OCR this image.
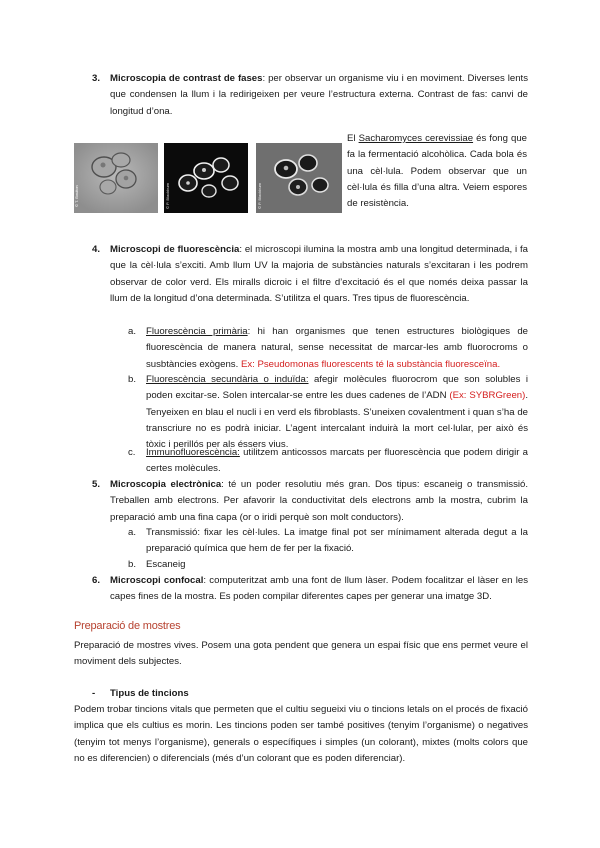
3. Microscopia de contrast de fases: per observar un organisme viu i en moviment. Diverses lents que condensen la llum i la redirigeixen per veure l’estructura externa. Contrast de fas: canvi de longitud d’ona.

© T. Boulton	© P. Blackburn	© P. Blackburn

El Sacharomyces cerevissiae és fong que fa la fermentació alcohòlica. Cada bola és una cèl·lula. Podem observar que un cèl·lula és filla d’una altra. Veiem espores de resistència.

4. Microscopi de fluorescència: el microscopi ilumina la mostra amb una longitud determinada, i fa que la cèl·lula s’exciti. Amb llum UV la majoria de substàncies naturals s’excitaran i les podrem observar de color verd. Els miralls dicroic i el filtre d’excitació és el que només deixa passar la llum de la longitud d’ona determinada. S’utilitza el quars. Tres tipus de fluorescència.

a. Fluorescència primària: hi han organismes que tenen estructures biològiques de fluorescència de manera natural, sense necessitat de marcar-les amb fluorocroms o susbtàncies exògens. Ex: Pseudomonas fluorescents té la substància fluoresceïna.

b. Fluorescència secundària o induïda: afegir molècules fluorocrom que son solubles i poden excitar-se. Solen intercalar-se entre les dues cadenes de l’ADN (Ex: SYBRGreen). Tenyeixen en blau el nucli i en verd els fibroblasts. S’uneixen covalentment i quan s’ha de transcriure no es podrà iniciar. L’agent intercalant induirà la mort cel·lular, per això és tòxic i perillós per als éssers vius.

c. Immunofluorescència: utilitzem anticossos marcats per fluorescència que podem dirigir a certes molècules.

5. Microscopia electrònica: té un poder resolutiu més gran. Dos tipus: escaneig o transmissió. Treballen amb electrons. Per afavorir la conductivitat dels electrons amb la mostra, cubrim la preparació amb una fina capa (or o iridi perquè son molt conductors).

a. Transmissió: fixar les cèl·lules. La imatge final pot ser mínimament alterada degut a la preparació química que hem de fer per la fixació.

b. Escaneig

6. Microscopi confocal: computeritzat amb una font de llum làser. Podem focalitzar el làser en les capes fines de la mostra. Es poden compilar diferentes capes per generar una imatge 3D.

Preparació de mostres

Preparació de mostres vives. Posem una gota pendent que genera un espai físic que ens permet veure el moviment dels subjectes.

- Tipus de tincions

Podem trobar tincions vitals que permeten que el cultiu segueixi viu o tincions letals on el procés de fixació implica que els cultius es morin. Les tincions poden ser també positives (tenyim l’organisme) o negatives (tenyim tot menys l’organisme), generals o específiques i simples (un colorant), mixtes (molts colors que no es diferencien) o diferencials (més d’un colorant que es poden diferenciar).
